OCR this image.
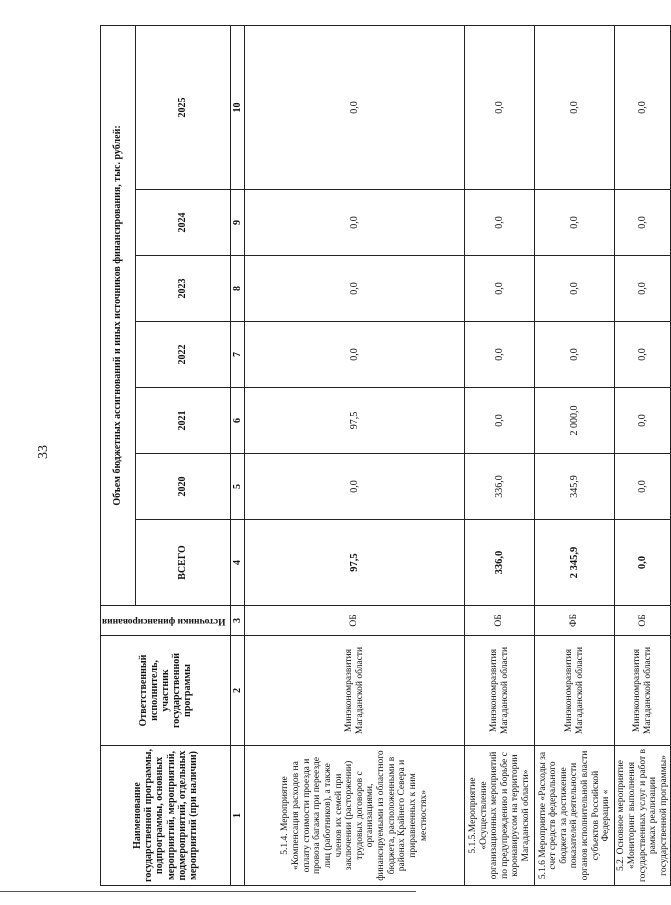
33
Наименование государственной программы, подпрограммы, основных мероприятий, мероприятий, подмероприятий, отдельных мероприятий (при наличии)	Ответственный исполнитель, участник государственной программы	Источники финансирования	Объем бюджетных ассигнований и иных источников финансирования, тыс. рублей:						
			ВСЕГО	2020	2021	2022	2023	2024	2025
1	2	3	4	5	6	7	8	9	10
5.1.4. Мероприятие «Компенсация расходов на оплату стоимости проезда и провоза багажа при переезде лиц (работников), а также членов их семей при заключении (расторжении) трудовых договоров с организациями, финансируемыми из областного бюджета, расположенными в районах Крайнего Севера и приравненных к ним местностях»	Минэкономразвития Магаданской области	ОБ	97,5	0,0	97,5	0,0	0,0	0,0	0,0
5.1.5.Мероприятие «Осуществление организационных мероприятий по предупреждению и борьбе с коронавирусом на территории Магаданской области»	Минэкономразвития Магаданской области	ОБ	336,0	336,0	0,0	0,0	0,0	0,0	0,0
5.1.6 Мероприятие «Расходы за счет средств федерального бюджета за достижение показателей деятельности органов исполнительной власти субъектов Российской Федерации «	Минэкономразвития Магаданской области	ФБ	2 345,9	345,9	2 000,0	0,0	0,0	0,0	0,0
5.2. Основное мероприятие «Мониторинг выполнения государственных услуг и работ в рамках реализации государственной программы»	Минэкономразвития Магаданской области	ОБ	0,0	0,0	0,0	0,0	0,0	0,0	0,0
